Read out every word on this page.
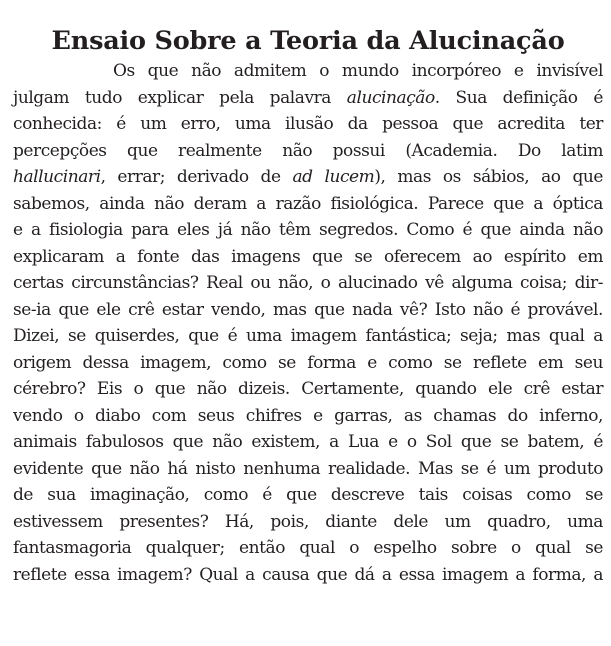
Ensaio Sobre a Teoria da Alucinação
Os que não admitem o mundo incorpóreo e invisível
julgam tudo explicar pela palavra alucinação. Sua definição é
conhecida: é um erro, uma ilusão da pessoa que acredita ter
percepções que realmente não possui (Academia. Do latim
hallucinari, errar; derivado de ad lucem), mas os sábios, ao que
sabemos, ainda não deram a razão fisiológica. Parece que a óptica
e a fisiologia para eles já não têm segredos. Como é que ainda não
explicaram a fonte das imagens que se oferecem ao espírito em
certas circunstâncias? Real ou não, o alucinado vê alguma coisa; dir-
se-ia que ele crê estar vendo, mas que nada vê? Isto não é provável.
Dizei, se quiserdes, que é uma imagem fantástica; seja; mas qual a
origem dessa imagem, como se forma e como se reflete em seu
cérebro? Eis o que não dizeis. Certamente, quando ele crê estar
vendo o diabo com seus chifres e garras, as chamas do inferno,
animais fabulosos que não existem, a Lua e o Sol que se batem, é
evidente que não há nisto nenhuma realidade. Mas se é um produto
de sua imaginação, como é que descreve tais coisas como se
estivessem presentes? Há, pois, diante dele um quadro, uma
fantasmagoria qualquer; então qual o espelho sobre o qual se
reflete essa imagem? Qual a causa que dá a essa imagem a forma, a
